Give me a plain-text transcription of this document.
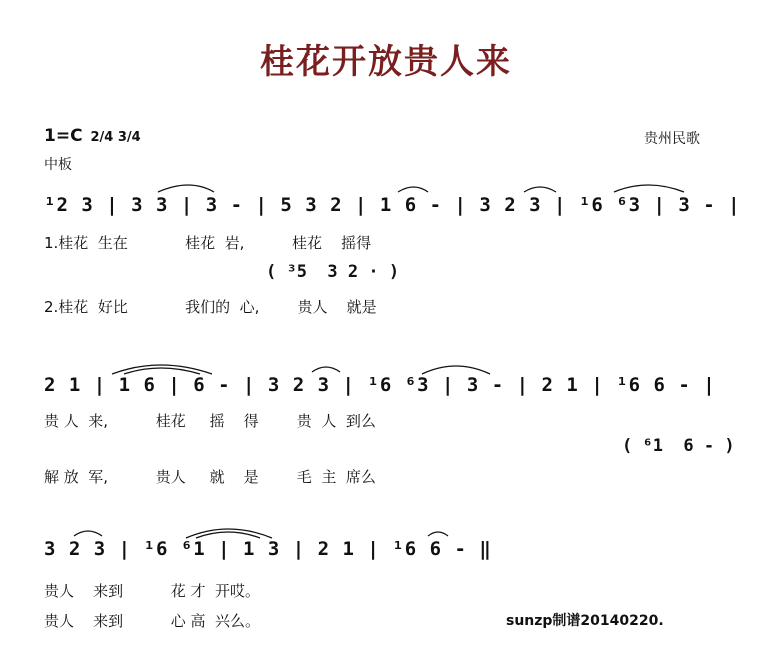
桂花开放贵人来
1=C 2/4 3/4
中板
贵州民歌
¹2 3 | 3 3 | 3 - | 5 3 2 | 1 6 - | 3 2 3 | ¹6 ⁶3 | 3 - |
1.桂花  生在            桂花  岩,          桂花    摇得
( ³5  3 2 · )
2.桂花  好比            我们的  心,        贵人    就是
2 1 | 1 6 | 6 - | 3 2 3 | ¹6 ⁶3 | 3 - | 2 1 | ¹6 6 - |
贵 人  来,          桂花     摇    得        贵  人  到么
( ⁶1  6 - )
解 放  军,          贵人     就    是        毛  主  席么
3 2 3 | ¹6 ⁶1 | 1 3 | 2 1 | ¹6 6 - ‖
贵人    来到          花 才  开哎。
贵人    来到          心 高  兴么。	sunzp制谱20140220.
